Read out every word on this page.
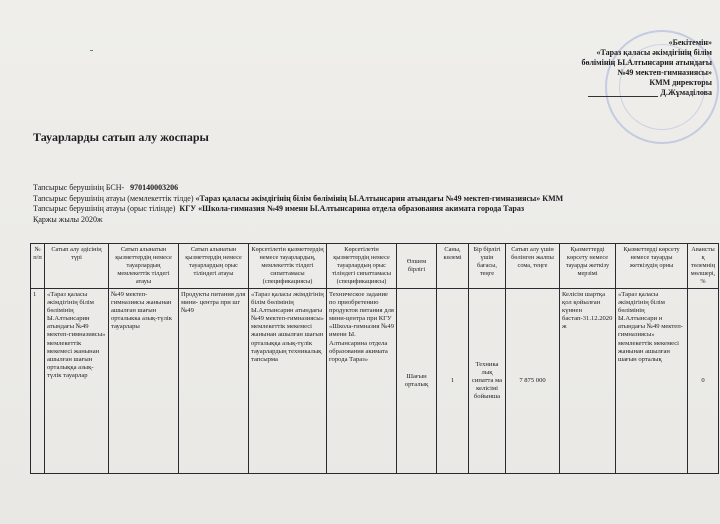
«Бекітемін»
«Тараз қаласы әкімдігінің білім
бөлімінің Ы.Алтынсарин атындағы
№49 мектеп-гимназиясы»
КММ директоры
Д.Жұмаділова
Тауарларды сатып алу жоспары
Тапсырыс берушінің БСН- 970140003206
Тапсырыс берушінің атауы (мемлекеттік тілде) «Тараз қаласы әкімдігінің білім бөлімінің Ы.Алтынсарин атындағы №49 мектеп-гимназиясы» КММ
Тапсырыс берушінің атауы (орыс тілінде) КГУ «Школа-гимназия №49 имени Ы.Алтынсарина отдела образования акимата города Тараз
Қаржы жылы 2020ж
№ п/п	Сатып алу әдісінің түрі	Сатып алынатын қызметтердің немесе тауарлардың мемлекеттік тілдегі атауы	Сатып алынатын қызметтердің немесе тауарлардың орыс тіліндегі атауы	Көрсетілетін қызметтердің немесе тауарлардың, мемлекеттік тілдегі сипаттамасы (спецификациясы)	Көрсетілетін қызметтердің немесе тауарлардың орыс тіліндегі сипаттамасы (спецификациясы)	Өлшем бірлігі	Саны, көлемі	Бір бірлігі үшін бағасы, теңге	Сатып алу үшін бөлінген жалпы сома, теңге	Қызметтерді көрсету немесе тауарды жеткізу мерзімі	Қызметтерді көрсету немесе тауарды жеткізудің орны	Аванстық төлемнің мөлшері, %
1	«Тараз қаласы әкімдігінің білім бөлімінің Ы.Алтынсарин атындағы №49 мектеп-гимназиясы» мемлекеттік мекемесі жанынан ашылған шағын орталыққа азық-түлік тауарлар	№49 мектеп-гимназиясы жанынан ашылған шағын орталыкка азық-түлік тауарлары	Продукты питания для мини- центра при шг №49	«Тараз қаласы әкімдігінің білім бөлімінің Ы.Алтынсарин атындағы №49 мектеп-гимназиясы» мемлекеттік мекемесі жанынан ашылған шағын орталыққа азық-түлік тауарлардың техникалық тапсырма	Техническое задание по приобретению продуктов питания для мини-центра при КГУ «Школа-гимназия №49 имени Ы. Алтынсарина отдела образования акимата города Тараз»	Шағын орталық	1	Техника лық сипатта ма келісімі бойынша	7 875 000	Келісім шартқа қол қойылған күннен бастап-31.12.2020ж	«Тараз қаласы әкімдігінің білім бөлімінің Ы.Алтынсари н атындағы №49 мектеп-гимназиясы» мемлекеттік мекемесі жанынан ашылған шағын орталық	0
